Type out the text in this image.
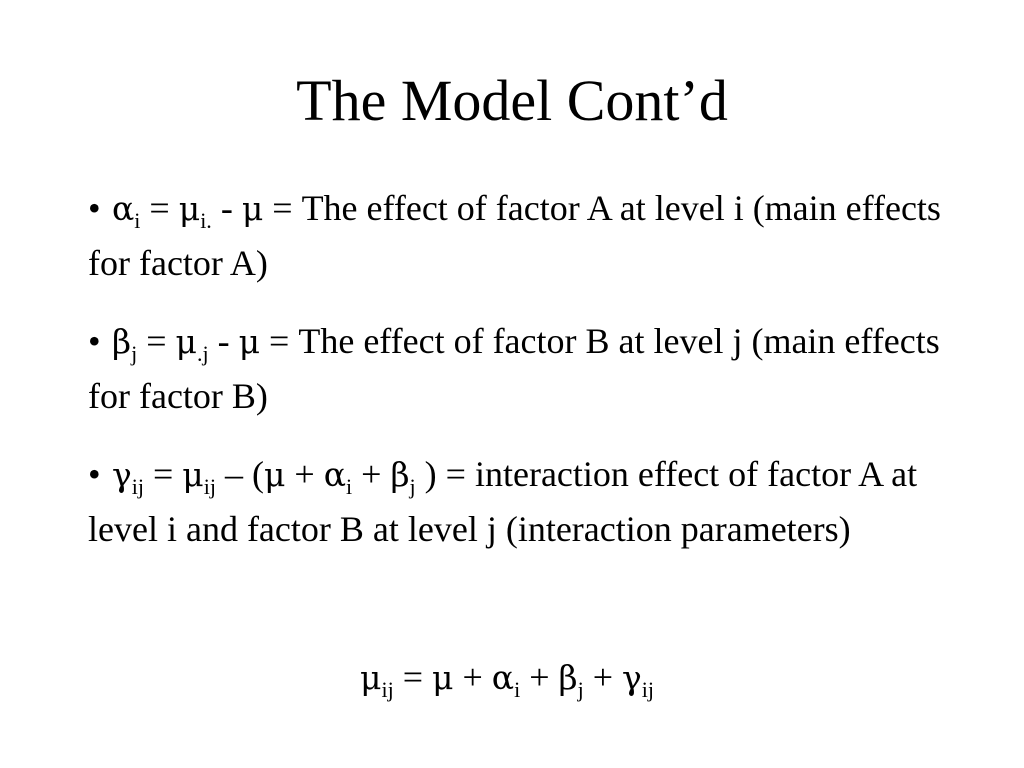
The Model Cont’d
• $\alpha_i = \mu_{i.} - \mu$ = The effect of factor A at level i (main effects for factor A)
• $\beta_j = \mu_{.j} - \mu$ = The effect of factor B at level j (main effects for factor B)
• $\gamma_{ij} = \mu_{ij} - (\mu + \alpha_i + \beta_j$ ) = interaction effect of factor A at level i and factor B at level j (interaction parameters)
$\mu_{ij} = \mu + \alpha_i + \beta_j + \gamma_{ij}$
